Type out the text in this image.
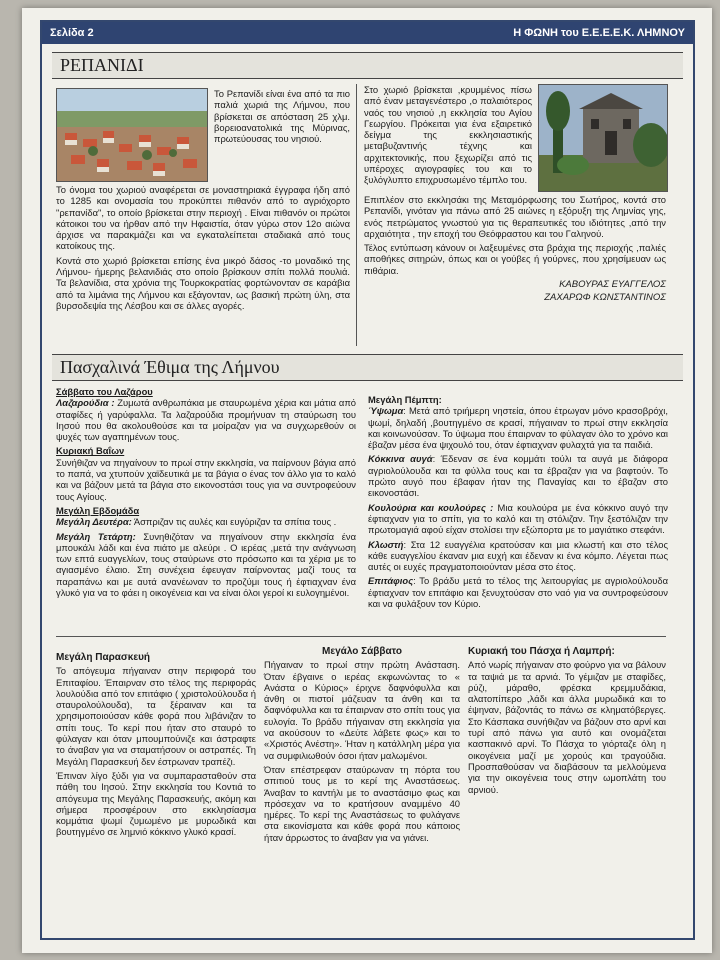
Σελίδα 2	Η ΦΩΝΗ του Ε.Ε.Ε.Ε.Κ. ΛΗΜΝΟΥ
ΡΕΠΑΝΙΔΙ
Το Ρεπανίδι είναι ένα από τα πιο παλιά χωριά της Λήμνου, που βρίσκεται σε απόσταση 25 χλμ. βορειοανατολικά της Μύρινας, πρωτεύουσας του νησιού.

Το όνομα του χωριού αναφέρεται σε μοναστηριακά έγγραφα ήδη από το 1285 και ονομασία του προκύπτει πιθανόν από το αγριόχορτο "ρεπανίδα", το οποίο βρίσκεται στην περιοχή . Είναι πιθανόν οι πρώτοι κάτοικοι του να ήρθαν από την Ηφαιστία, όταν γύρω στον 12ο αιώνα άρχισε να παρακμάζει και να εγκαταλείπεται σταδιακά από τους κατοίκους της.

Κοντά στο χωριό βρίσκεται επίσης ένα μικρό δάσος -το μοναδικό της Λήμνου- ήμερης βελανιδιάς στο οποίο βρίσκουν σπίτι πολλά πουλιά. Τα βελανίδια, στα χρόνια της Τουρκοκρατίας φορτώνονταν σε καράβια από τα λιμάνια της Λήμνου και εξάγονταν, ως βασική πρώτη ύλη, στα βυρσοδεψία της Λέσβου και σε άλλες αγορές.

Στο χωριό βρίσκεται ,κρυμμένος πίσω από έναν μεταγενέστερο ,ο παλαιότερος ναός του νησιού ,η εκκλησία του Αγίου Γεωργίου. Πρόκειται για ένα εξαιρετικό δείγμα της εκκλησιαστικής μεταβυζαντινής τέχνης και αρχιτεκτονικής, που ξεχωρίζει από τις υπέροχες αγιογραφίες του και το ξυλόγλυπτο επιχρυσωμένο τέμπλο του.

Επιπλέον στο εκκλησάκι της Μεταμόρφωσης του Σωτήρος, κοντά στο Ρεπανίδι, γινόταν για πάνω από 25 αιώνες η εξόρυξη της Λημνίας γης, ενός πετρώματος γνωστού για τις θεραπευτικές του ιδιότητες ,από την αρχαιότητα , την εποχή του Θεόφραστου και του Γαληνού.

Τέλος εντύπωση κάνουν οι λαξευμένες στα βράχια της περιοχής ,παλιές αποθήκες σιτηρών, όπως και οι γούβες ή γούρνες, που χρησίμευαν ως πιθάρια.

ΚΑΒΟΥΡΑΣ ΕΥΑΓΓΕΛΟΣ
ΖΑΧΑΡΩΦ ΚΩΝΣΤΑΝΤΙΝΟΣ
Πασχαλινά Έθιμα της Λήμνου
Σάββατο του Λαζάρου

Λαζαρούδια : Ζυμωτά ανθρωπάκια με σταυρωμένα χέρια και μάτια από σταφίδες ή γαρύφαλλα. Τα λαζαρούδια προμήνυαν τη σταύρωση του Ιησού που θα ακολουθούσε και τα μοίραζαν για να συγχωρεθούν οι ψυχές των αγαπημένων τους.

Κυριακή Βαΐων

Συνήθιζαν να πηγαίνουν το πρωί στην εκκλησία, να παίρνουν βάγια από το παπά, να χτυπούν χαϊδευτικά με τα βάγια ο ένας τον άλλο για το καλό και να βάζουν μετά τα βάγια στο εικονοστάσι τους για να συντροφεύουν τους Αγίους.

Μεγάλη Εβδομάδα

Μεγάλη Δευτέρα: Άσπριζαν τις αυλές και ευγύριζαν τα σπίτια τους .

Μεγάλη Τετάρτη: Συνηθιζόταν να πηγαίνουν στην εκκλησία ένα μπουκάλι λάδι και ένα πιάτο με αλεύρι . Ο ιερέας ,μετά την ανάγνωση των επτά ευαγγελίων, τους σταύρωνε στο πρόσωπο και τα χέρια με το αγιασμένο έλαιο. Στη συνέχεια έφευγαν παίρνοντας μαζί τους τα παραπάνω και με αυτά ανανέωναν το προζύμι τους ή έφτιαχναν ένα γλυκό για να το φάει η οικογένεια και να είναι όλοι γεροί κι ευλογημένοι.

Μεγάλη Πέμπτη:

Ύψωμα: Μετά από τριήμερη νηστεία, όπου έτρωγαν μόνο κρασοβρόχι, ψωμί, δηλαδή ,βουτηγμένο σε κρασί, πήγαιναν το πρωί στην εκκλησία και κοινωνούσαν. Το ύψωμα που έπαιρναν το φύλαγαν όλο το χρόνο και έβαζαν μέσα ένα ψιχουλό του, όταν έφτιαχναν φυλαχτά για τα παιδιά.

Κόκκινα αυγά: Έδεναν σε ένα κομμάτι τούλι τα αυγά με διάφορα αγριολούλουδα και τα φύλλα τους και τα έβραζαν για να βαφτούν. Το πρώτο αυγό που έβαφαν ήταν της Παναγίας και το έβαζαν στο εικονοστάσι.

Κουλούρια και κουλούρες : Μια κουλούρα με ένα κόκκινο αυγό την έφτιαχναν για το σπίτι, για το καλό και τη στόλιζαν. Την ξεστόλιζαν την πρωτομαγιά αφού είχαν στολίσει την εξώπορτα με το μαγιάτικο στεφάνι.

Κλωστή: Στα 12 ευαγγέλια κρατούσαν και μια κλωστή και στο τέλος κάθε ευαγγελίου έκαναν μια ευχή και έδεναν κι ένα κόμπο. Λέγεται πως αυτές οι ευχές πραγματοποιούνταν μέσα στο έτος.

Επιτάφιος: Το βράδυ μετά το τέλος της λειτουργίας με αγριολούλουδα έφτιαχναν τον επιτάφιο και ξενυχτούσαν στο ναό για να συντροφεύσουν και να φυλάξουν τον Κύριο.

Μεγάλη Παρασκευή

Το απόγευμα πήγαιναν στην περιφορά του Επιταφίου. Έπαιρναν στο τέλος της περιφοράς λουλούδια από τον επιτάφιο ( χριστολούλουδα ή σταυρολούλουδα), τα ξέραιναν και τα χρησιμοποιούσαν κάθε φορά που λιβάνιζαν το σπίτι τους. Το κερί που ήταν στο σταυρό το φύλαγαν και όταν μπουμπούνιζε και άστραφτε το άναβαν για να σταματήσουν οι αστραπές. Τη Μεγάλη Παρασκευή δεν έστρωναν τραπέζι.

Έπιναν λίγο ξύδι για να συμπαρασταθούν στα πάθη του Ιησού. Στην εκκλησία του Κοντιά το απόγευμα της Μεγάλης Παρασκευής, ακόμη και σήμερα προσφέρουν στο εκκλησίασμα κομμάτια ψωμί ζυμωμένο με μυρωδικά και βουτηγμένο σε λημνιό κόκκινο γλυκό κρασί.

Μεγάλο Σάββατο

Πήγαιναν το πρωί στην πρώτη Ανάσταση. Όταν έβγαινε ο ιερέας εκφωνώντας το « Ανάστα ο Κύριος» έριχνε δαφνόφυλλα και άνθη οι πιστοί μάζευαν τα άνθη και τα δαφνόφυλλα και τα έπαιρναν στο σπίτι τους για ευλογία. Το βράδυ πήγαιναν στη εκκλησία για να ακούσουν το «Δεύτε λάβετε φως» και το «Χριστός Ανέστη». Ήταν η κατάλληλη μέρα για να συμφιλιωθούν όσοι ήταν μαλωμένοι.

Όταν επέστρεφαν σταύρωναν τη πόρτα του σπιτιού τους με το κερί της Αναστάσεως. Άναβαν το καντήλι με το αναστάσιμο φως και πρόσεχαν να το κρατήσουν αναμμένο 40 ημέρες. Το κερί της Αναστάσεως το φυλάγανε στα εικονίσματα και κάθε φορά που κάποιος ήταν άρρωστος το άναβαν για να γιάνει.

Κυριακή του Πάσχα ή Λαμπρή:

Από νωρίς πήγαιναν στο φούρνο για να βάλουν τα ταψιά με τα αρνιά. Το γέμιζαν με σταφίδες, ρύζι, μάραθο, φρέσκα κρεμμυδάκια, αλατοπίπερο ,λάδι και άλλα μυρωδικά και το έψηναν, βάζοντάς το πάνω σε κληματόβεργες. Στο Κάσπακα συνήθιζαν να βάζουν στο αρνί και τυρί από πάνω για αυτό και ονομάζεται κασπακινό αρνί. Το Πάσχα το γιόρταζε όλη η οικογένεια μαζί με χορούς και τραγούδια. Προσπαθούσαν να διαβάσουν τα μελλούμενα για την οικογένεια τους στην ωμοπλάτη του αρνιού.
